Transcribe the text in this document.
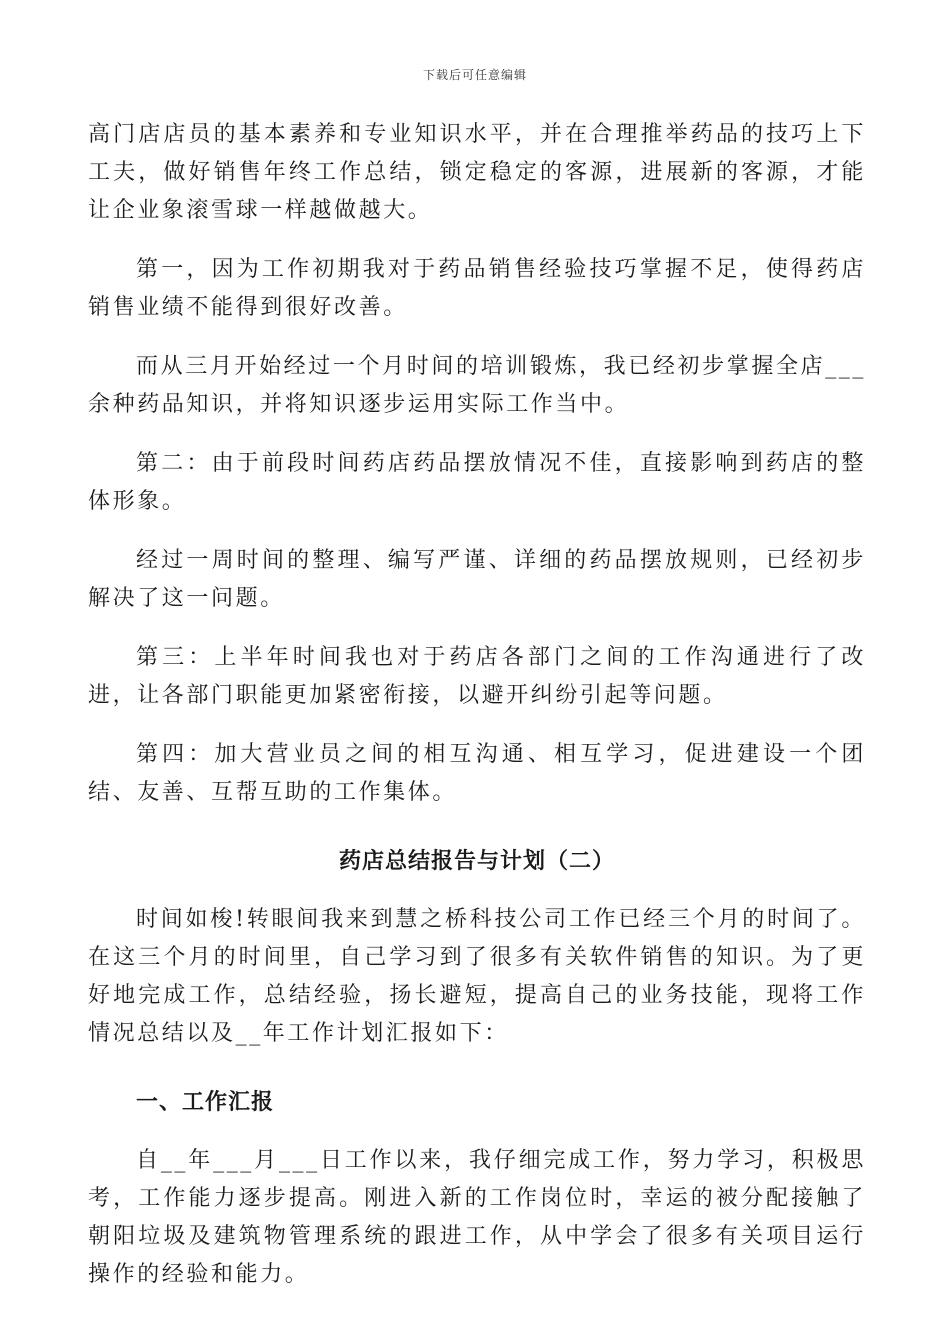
下载后可任意编辑

高门店店员的基本素养和专业知识水平，并在合理推举药品的技巧上下工夫，做好销售年终工作总结，锁定稳定的客源，进展新的客源，才能让企业象滚雪球一样越做越大。

第一，因为工作初期我对于药品销售经验技巧掌握不足，使得药店销售业绩不能得到很好改善。

而从三月开始经过一个月时间的培训锻炼，我已经初步掌握全店___余种药品知识，并将知识逐步运用实际工作当中。

第二：由于前段时间药店药品摆放情况不佳，直接影响到药店的整体形象。

经过一周时间的整理、编写严谨、详细的药品摆放规则，已经初步解决了这一问题。

第三：上半年时间我也对于药店各部门之间的工作沟通进行了改进，让各部门职能更加紧密衔接，以避开纠纷引起等问题。

第四：加大营业员之间的相互沟通、相互学习，促进建设一个团结、友善、互帮互助的工作集体。

药店总结报告与计划（二）

时间如梭!转眼间我来到慧之桥科技公司工作已经三个月的时间了。在这三个月的时间里，自己学习到了很多有关软件销售的知识。为了更好地完成工作，总结经验，扬长避短，提高自己的业务技能，现将工作情况总结以及__年工作计划汇报如下：

一、工作汇报

自__年___月___日工作以来，我仔细完成工作，努力学习，积极思考，工作能力逐步提高。刚进入新的工作岗位时，幸运的被分配接触了朝阳垃圾及建筑物管理系统的跟进工作，从中学会了很多有关项目运行操作的经验和能力。
